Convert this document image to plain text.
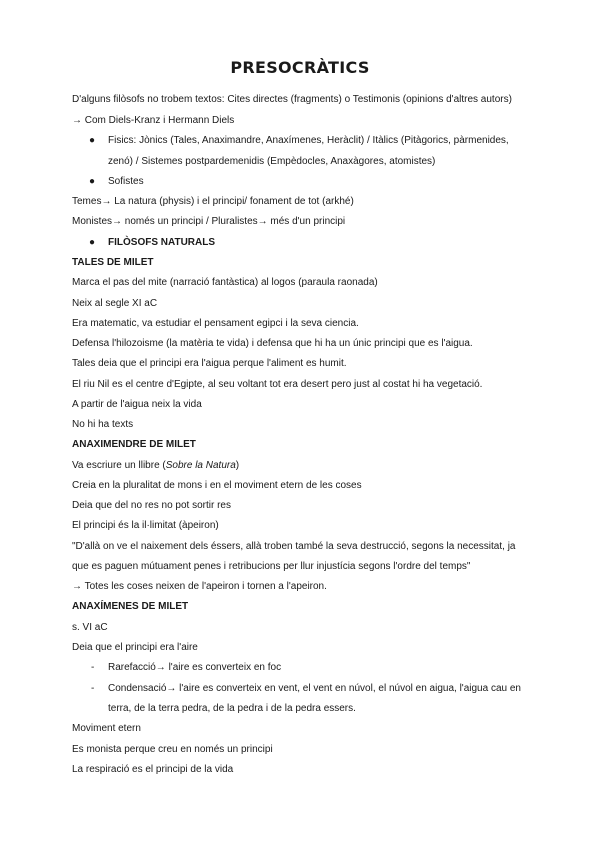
PRESOCRÀTICS

D'alguns filòsofs no trobem textos: Cites directes (fragments) o Testimonis (opinions d'altres autors)

→ Com Diels-Kranz i Hermann Diels

● Fisics: Jònics (Tales, Anaximandre, Anaxímenes, Heràclit) / Itàlics (Pitàgorics, pàrmenides,

zenó) / Sistemes postpardemenidis (Empèdocles, Anaxàgores, atomistes)

● Sofistes

Temes→ La natura (physis) i el principi/ fonament de tot (arkhé)

Monistes→ només un principi / Pluralistes→ més d'un principi

● FILÒSOFS NATURALS

TALES DE MILET

Marca el pas del mite (narració fantàstica) al logos (paraula raonada)

Neix al segle XI aC

Era matematic, va estudiar el pensament egipci i la seva ciencia.

Defensa l'hilozoisme (la matèria te vida) i defensa que hi ha un únic principi que es l'aigua.

Tales deia que el principi era l'aigua perque l'aliment es humit.

El riu Nil es el centre d'Egipte, al seu voltant tot era desert pero just al costat hi ha vegetació.

A partir de l'aigua neix la vida

No hi ha texts

ANAXIMENDRE DE MILET

Va escriure un llibre (Sobre la Natura)

Creia en la pluralitat de mons i en el moviment etern de les coses

Deia que del no res no pot sortir res

El principi és la il·limitat (àpeiron)

"D'allà on ve el naixement dels éssers, allà troben també la seva destrucció, segons la necessitat, ja

que es paguen mútuament penes i retribucions per llur injustícia segons l'ordre del temps"

→ Totes les coses neixen de l'apeiron i tornen a l'apeiron.

ANAXÍMENES DE MILET

s. VI aC

Deia que el principi era l'aire

- Rarefacció→ l'aire es converteix en foc

- Condensació→ l'aire es converteix en vent, el vent en núvol, el núvol en aigua, l'aigua cau en

terra, de la terra pedra, de la pedra i de la pedra essers.

Moviment etern

Es monista perque creu en només un principi

La respiració es el principi de la vida
